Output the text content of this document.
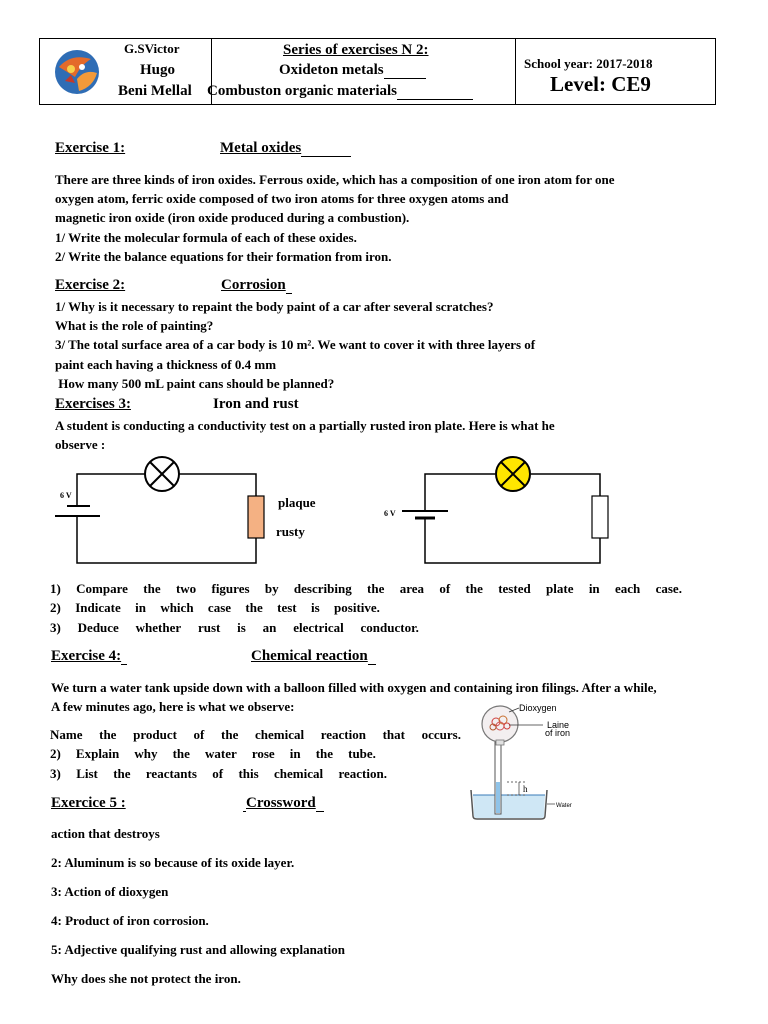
G.SVictor
Hugo
Beni Mellal
Series of exercises N 2:
Oxideton metals
Combuston organic materials
School year: 2017-2018
Level: CE9
Exercise 1:	Metal oxides
There are three kinds of iron oxides. Ferrous oxide, which has a composition of one iron atom for one
oxygen atom, ferric oxide composed of two iron atoms for three oxygen atoms and
magnetic iron oxide (iron oxide produced during a combustion).
1/ Write the molecular formula of each of these oxides.
2/ Write the balance equations for their formation from iron.
Exercise 2:	Corrosion
1/ Why is it necessary to repaint the body paint of a car after several scratches?
What is the role of painting?
3/ The total surface area of a car body is 10 m². We want to cover it with three layers of
paint each having a thickness of 0.4 mm
How many 500 mL paint cans should be planned?
Exercises 3:	Iron and rust
A student is conducting a conductivity test on a partially rusted iron plate. Here is what he
observe :
6 V	plaque
rusty
6 V
1) Compare the two figures by describing the area of the tested plate in each case.
2) Indicate in which case the test is positive.
3) Deduce whether rust is an electrical conductor.
Exercise 4:	Chemical reaction
We turn a water tank upside down with a balloon filled with oxygen and containing iron filings. After a while,
A few minutes ago, here is what we observe:
Name the product of the chemical reaction that occurs.
2) Explain why the water rose in the tube.
3) List the reactants of this chemical reaction.
h
Dioxygen
Laine
of iron
Water
Exercice 5 :	Crossword
action that destroys
2: Aluminum is so because of its oxide layer.
3: Action of dioxygen
4: Product of iron corrosion.
5: Adjective qualifying rust and allowing explanation
Why does she not protect the iron.
